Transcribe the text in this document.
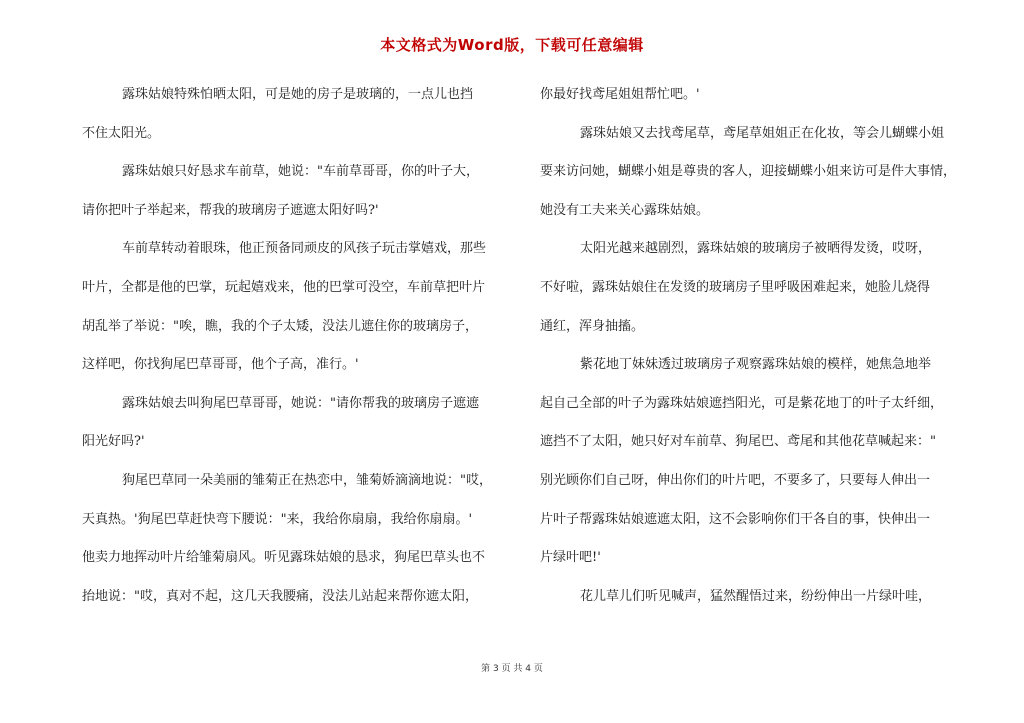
本文格式为Word版，下载可任意编辑
露珠姑娘特殊怕晒太阳，可是她的房子是玻璃的，一点儿也挡
不住太阳光。
露珠姑娘只好恳求车前草，她说："车前草哥哥，你的叶子大，
请你把叶子举起来，帮我的玻璃房子遮遮太阳好吗?'
车前草转动着眼珠，他正预备同顽皮的风孩子玩击掌嬉戏，那些
叶片，全都是他的巴掌，玩起嬉戏来，他的巴掌可没空，车前草把叶片
胡乱举了举说："唉，瞧，我的个子太矮，没法儿遮住你的玻璃房子，
这样吧，你找狗尾巴草哥哥，他个子高，准行。'
露珠姑娘去叫狗尾巴草哥哥，她说："请你帮我的玻璃房子遮遮
阳光好吗?'
狗尾巴草同一朵美丽的雏菊正在热恋中，雏菊娇滴滴地说："哎，
天真热。'狗尾巴草赶快弯下腰说："来，我给你扇扇，我给你扇扇。'
他卖力地挥动叶片给雏菊扇风。听见露珠姑娘的恳求，狗尾巴草头也不
抬地说："哎，真对不起，这几天我腰痛，没法儿站起来帮你遮太阳，
你最好找鸢尾姐姐帮忙吧。'
露珠姑娘又去找鸢尾草，鸢尾草姐姐正在化妆，等会儿蝴蝶小姐
要来访问她，蝴蝶小姐是尊贵的客人，迎接蝴蝶小姐来访可是件大事情，
她没有工夫来关心露珠姑娘。
太阳光越来越剧烈，露珠姑娘的玻璃房子被晒得发烫，哎呀，
不好啦，露珠姑娘住在发烫的玻璃房子里呼吸困难起来，她脸儿烧得
通红，浑身抽搐。
紫花地丁妹妹透过玻璃房子观察露珠姑娘的模样，她焦急地举
起自己全部的叶子为露珠姑娘遮挡阳光，可是紫花地丁的叶子太纤细，
遮挡不了太阳，她只好对车前草、狗尾巴、鸢尾和其他花草喊起来："
别光顾你们自己呀，伸出你们的叶片吧，不要多了，只要每人伸出一
片叶子帮露珠姑娘遮遮太阳，这不会影响你们干各自的事，快伸出一
片绿叶吧!'
花儿草儿们听见喊声，猛然醒悟过来，纷纷伸出一片绿叶哇，
第 3 页 共 4 页
